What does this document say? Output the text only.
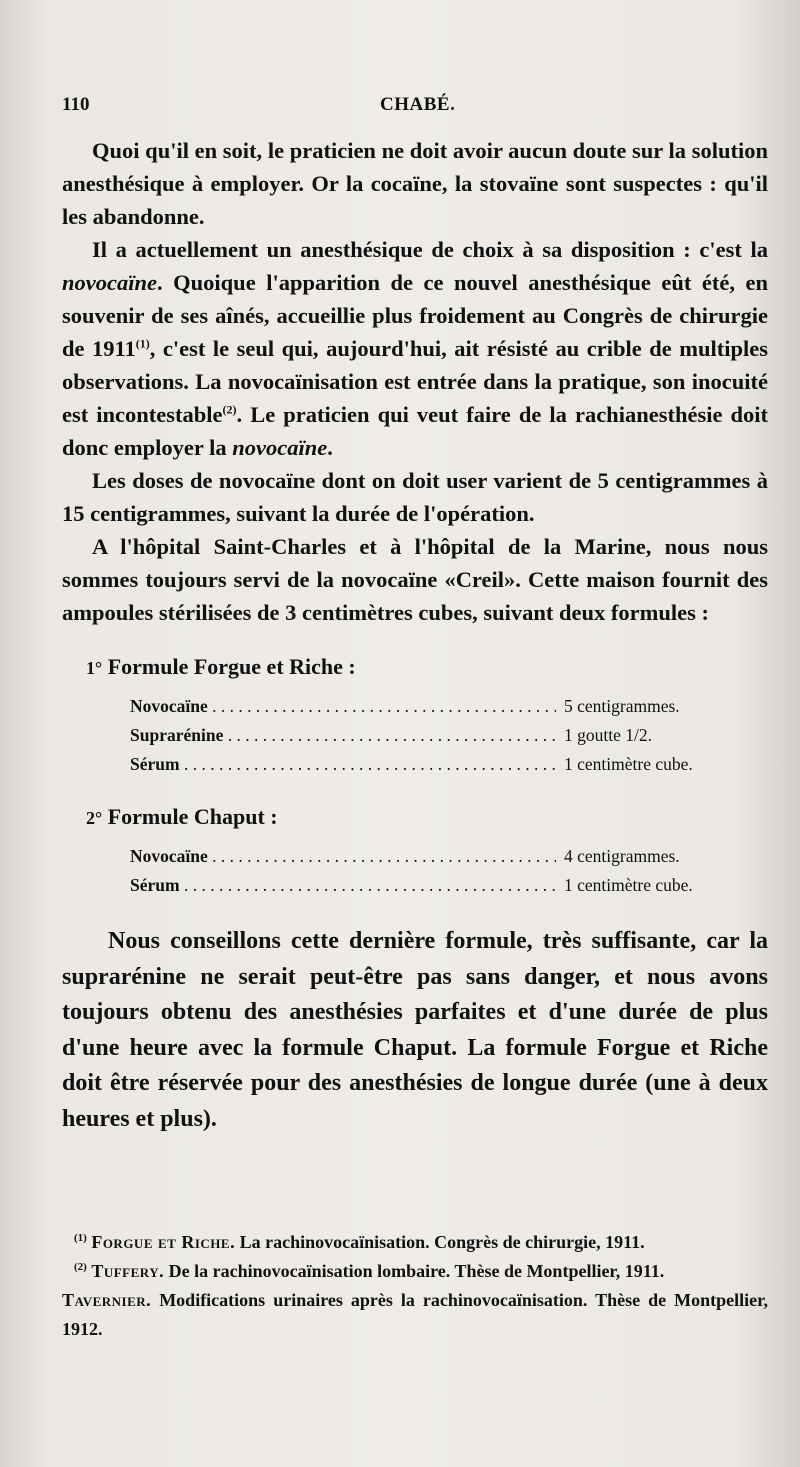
110	CHABÉ.

Quoi qu'il en soit, le praticien ne doit avoir aucun doute sur la solution anesthésique à employer. Or la cocaïne, la stovaïne sont suspectes : qu'il les abandonne.

Il a actuellement un anesthésique de choix à sa disposition : c'est la novocaïne. Quoique l'apparition de ce nouvel anesthésique eût été, en souvenir de ses aînés, accueillie plus froidement au Congrès de chirurgie de 1911$^{(1)}$, c'est le seul qui, aujourd'hui, ait résisté au crible de multiples observations. La novocaïnisation est entrée dans la pratique, son inocuité est incontestable$^{(2)}$. Le praticien qui veut faire de la rachianesthésie doit donc employer la novocaïne.

Les doses de novocaïne dont on doit user varient de 5 centigrammes à 15 centigrammes, suivant la durée de l'opération.

A l'hôpital Saint-Charles et à l'hôpital de la Marine, nous nous sommes toujours servi de la novocaïne «Creil». Cette maison fournit des ampoules stérilisées de 3 centimètres cubes, suivant deux formules :

1° Formule Forgue et Riche :
Novocaïne . . .	5 centigrammes.
Suprarénine . . .	1 goutte 1/2.
Sérum . . .	1 centimètre cube.
2° Formule Chaput :
Novocaïne . . .	4 centigrammes.
Sérum . . .	1 centimètre cube.

Nous conseillons cette dernière formule, très suffisante, car la suprarénine ne serait peut-être pas sans danger, et nous avons toujours obtenu des anesthésies parfaites et d'une durée de plus d'une heure avec la formule Chaput. La formule Forgue et Riche doit être réservée pour des anesthésies de longue durée (une à deux heures et plus).

$^{(1)}$ Forgue et Riche. La rachinovocaïnisation. Congrès de chirurgie, 1911.

$^{(2)}$ Tuffery. De la rachinovocaïnisation lombaire. Thèse de Montpellier, 1911.

Tavernier. Modifications urinaires après la rachinovocaïnisation. Thèse de Montpellier, 1912.
